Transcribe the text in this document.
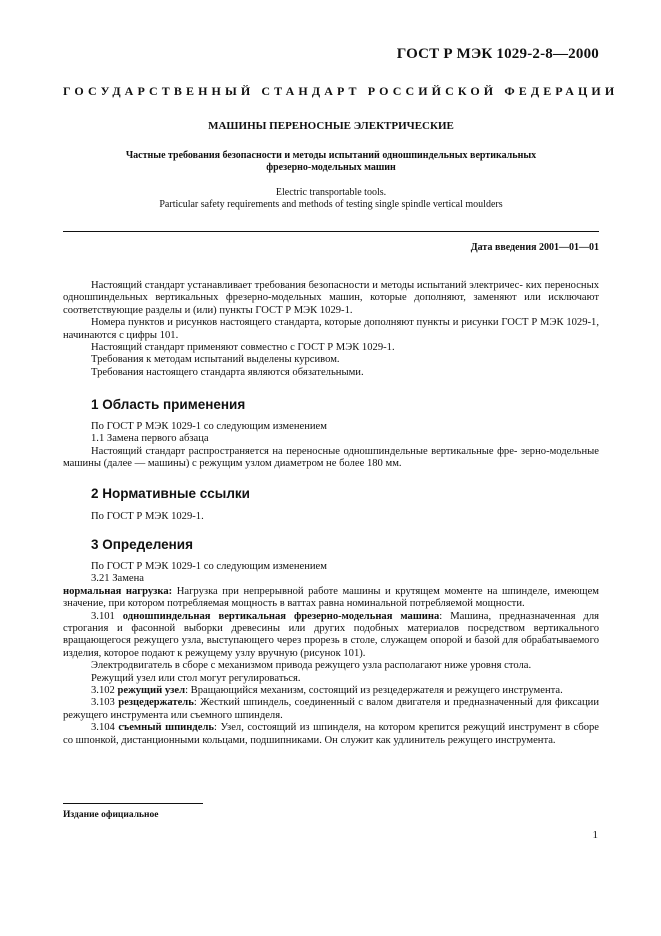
ГОСТ Р МЭК 1029-2-8—2000
ГОСУДАРСТВЕННЫЙ СТАНДАРТ РОССИЙСКОЙ ФЕДЕРАЦИИ
МАШИНЫ ПЕРЕНОСНЫЕ ЭЛЕКТРИЧЕСКИЕ
Частные требования безопасности и методы испытаний одношпиндельных вертикальных
фрезерно-модельных машин
Electric transportable tools.
Particular safety requirements and methods of testing single spindle vertical moulders
Дата введения 2001—01—01

Настоящий стандарт устанавливает требования безопасности и методы испытаний электричес- ких переносных одношпиндельных вертикальных фрезерно-модельных машин, которые дополняют, заменяют или исключают соответствующие разделы и (или) пункты ГОСТ Р МЭК 1029-1.

Номера пунктов и рисунков настоящего стандарта, которые дополняют пункты и рисунки ГОСТ Р МЭК 1029-1, начинаются с цифры 101.

Настоящий стандарт применяют совместно с ГОСТ Р МЭК 1029-1.

Требования к методам испытаний выделены курсивом.

Требования настоящего стандарта являются обязательными.

1 Область применения

По ГОСТ Р МЭК 1029-1 со следующим изменением

1.1 Замена первого абзаца

Настоящий стандарт распространяется на переносные одношпиндельные вертикальные фре- зерно-модельные машины (далее — машины) с режущим узлом диаметром не более 180 мм.

2 Нормативные ссылки

По ГОСТ Р МЭК 1029-1.

3 Определения

По ГОСТ Р МЭК 1029-1 со следующим изменением

3.21 Замена

нормальная нагрузка: Нагрузка при непрерывной работе машины и крутящем моменте на шпинделе, имеющем значение, при котором потребляемая мощность в ваттах равна номинальной потребляемой мощности.

3.101 одношпиндельная вертикальная фрезерно-модельная машина: Машина, предназначенная для строгания и фасонной выборки древесины или других подобных материалов посредством вертикального вращающегося режущего узла, выступающего через прорезь в столе, служащем опорой и базой для обрабатываемого изделия, которое подают к режущему узлу вручную (рисунок 101).

Электродвигатель в сборе с механизмом привода режущего узла располагают ниже уровня стола.

Режущий узел или стол могут регулироваться.

3.102 режущий узел: Вращающийся механизм, состоящий из резцедержателя и режущего инструмента.

3.103 резцедержатель: Жесткий шпиндель, соединенный с валом двигателя и предназначенный для фиксации режущего инструмента или съемного шпинделя.

3.104 съемный шпиндель: Узел, состоящий из шпинделя, на котором крепится режущий инструмент в сборе со шпонкой, дистанционными кольцами, подшипниками. Он служит как удлинитель режущего инструмента.

Издание официальное
1
